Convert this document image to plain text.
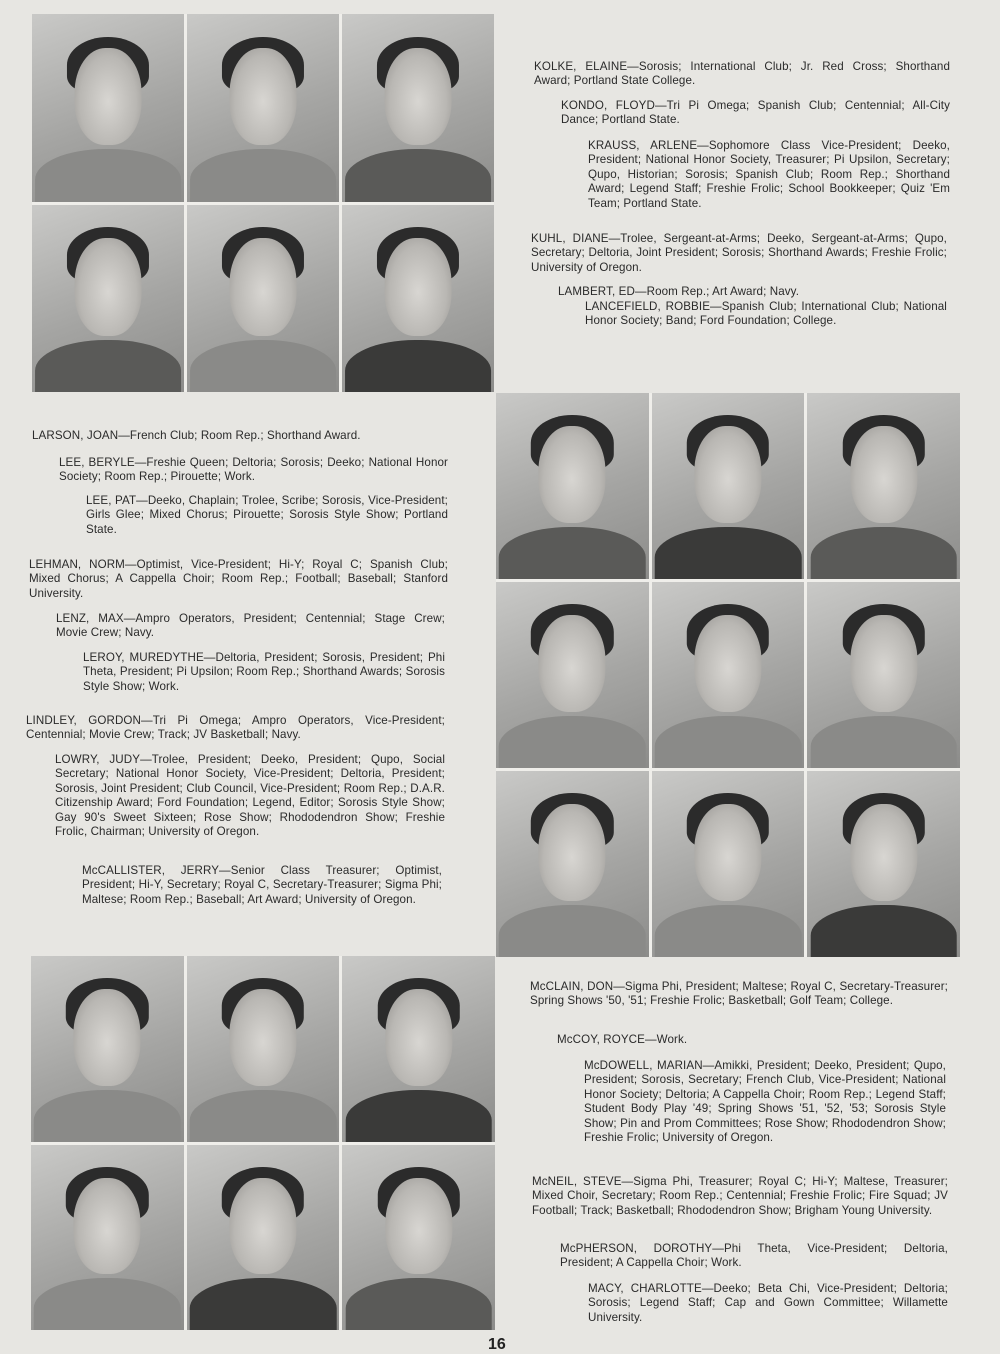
KOLKE, ELAINE—Sorosis; International Club; Jr. Red Cross; Shorthand Award; Portland State College.
KONDO, FLOYD—Tri Pi Omega; Spanish Club; Centennial; All-City Dance; Portland State.
KRAUSS, ARLENE—Sophomore Class Vice-President; Deeko, President; National Honor Society, Treasurer; Pi Upsilon, Secretary; Qupo, Historian; Sorosis; Spanish Club; Room Rep.; Shorthand Award; Legend Staff; Freshie Frolic; School Bookkeeper; Quiz 'Em Team; Portland State.
KUHL, DIANE—Trolee, Sergeant-at-Arms; Deeko, Sergeant-at-Arms; Qupo, Secretary; Deltoria, Joint President; Sorosis; Shorthand Awards; Freshie Frolic; University of Oregon.
LAMBERT, ED—Room Rep.; Art Award; Navy.
LANCEFIELD, ROBBIE—Spanish Club; International Club; National Honor Society; Band; Ford Foundation; College.
LARSON, JOAN—French Club; Room Rep.; Shorthand Award.
LEE, BERYLE—Freshie Queen; Deltoria; Sorosis; Deeko; National Honor Society; Room Rep.; Pirouette; Work.
LEE, PAT—Deeko, Chaplain; Trolee, Scribe; Sorosis, Vice-President; Girls Glee; Mixed Chorus; Pirouette; Sorosis Style Show; Portland State.
LEHMAN, NORM—Optimist, Vice-President; Hi-Y; Royal C; Spanish Club; Mixed Chorus; A Cappella Choir; Room Rep.; Football; Baseball; Stanford University.
LENZ, MAX—Ampro Operators, President; Centennial; Stage Crew; Movie Crew; Navy.
LEROY, MUREDYTHE—Deltoria, President; Sorosis, President; Phi Theta, President; Pi Upsilon; Room Rep.; Shorthand Awards; Sorosis Style Show; Work.
LINDLEY, GORDON—Tri Pi Omega; Ampro Operators, Vice-President; Centennial; Movie Crew; Track; JV Basketball; Navy.
LOWRY, JUDY—Trolee, President; Deeko, President; Qupo, Social Secretary; National Honor Society, Vice-President; Deltoria, President; Sorosis, Joint President; Club Council, Vice-President; Room Rep.; D.A.R. Citizenship Award; Ford Foundation; Legend, Editor; Sorosis Style Show; Gay 90's Sweet Sixteen; Rose Show; Rhododendron Show; Freshie Frolic, Chairman; University of Oregon.
McCALLISTER, JERRY—Senior Class Treasurer; Optimist, President; Hi-Y, Secretary; Royal C, Secretary-Treasurer; Sigma Phi; Maltese; Room Rep.; Baseball; Art Award; University of Oregon.
McCLAIN, DON—Sigma Phi, President; Maltese; Royal C, Secretary-Treasurer; Spring Shows '50, '51; Freshie Frolic; Basketball; Golf Team; College.
McCOY, ROYCE—Work.
McDOWELL, MARIAN—Amikki, President; Deeko, President; Qupo, President; Sorosis, Secretary; French Club, Vice-President; National Honor Society; Deltoria; A Cappella Choir; Room Rep.; Legend Staff; Student Body Play '49; Spring Shows '51, '52, '53; Sorosis Style Show; Pin and Prom Committees; Rose Show; Rhododendron Show; Freshie Frolic; University of Oregon.
McNEIL, STEVE—Sigma Phi, Treasurer; Royal C; Hi-Y; Maltese, Treasurer; Mixed Choir, Secretary; Room Rep.; Centennial; Freshie Frolic; Fire Squad; JV Football; Track; Basketball; Rhododendron Show; Brigham Young University.
McPHERSON, DOROTHY—Phi Theta, Vice-President; Deltoria, President; A Cappella Choir; Work.
MACY, CHARLOTTE—Deeko; Beta Chi, Vice-President; Deltoria; Sorosis; Legend Staff; Cap and Gown Committee; Willamette University.
16
